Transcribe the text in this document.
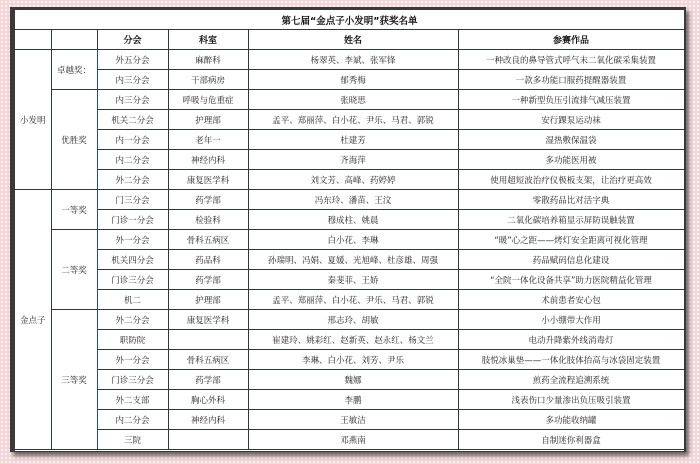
第七届“金点子小发明”获奖名单					
		分会	科室	姓名	参赛作品
小发明	卓越奖：	外五分会	麻醉科	杨翠英、李斌、张军锋	一种改良的鼻导管式呼气末二氧化碳采集装置
		内三分会	干部病房	郁秀梅	一款多功能口服药提醒器装置
	优胜奖	内三分会	呼吸与危重症	张晓思	一种新型负压引流排气减压装置
		机关二分会	护理部	孟平、郑丽萍、白小花、尹乐、马君、郭锐	安行踝泵运动袜
		内一分会	老年一	杜建芳	湿热敷保温袋
		内二分会	神经内科	齐海萍	多功能医用被
		外二分会	康复医学科	刘文芳、高峰、药婷婷	使用超短波治疗仪极板支架，让治疗更高效
金点子	一等奖	门三分会	药学部	冯东玲、潘苗、王汶	零散药品比对活字典
		门诊一分会	检验科	穆成柱、姚晨	二氧化碳培养箱显示屏防误触装置
	二等奖	外一分会	骨科五病区	白小花、李琳	“暖”心之距——烤灯安全距离可视化管理
		机关四分会	药品科	孙瑞明、冯娟、夏媛、光旭峰、杜彦雄、周强	药品赋码信息化建设
		门诊三分会	药学部	秦斐菲、王娇	“全院一体化设备共享”助力医院精益化管理
		机二	护理部	孟平、郑丽萍、白小花、尹乐、马君、郭锐	术前患者安心包
	三等奖	外二分会	康复医学科	邢志玲、胡敏	小小绷带大作用
		职防院		崔建玲、姚彩红、赵新英、赵永红、杨文兰	电动升降紫外线消毒灯
		外一分会	骨科五病区	李琳、白小花、刘芳、尹乐	肢悦冰巢垫——一体化肢体抬高与冰袋固定装置
		门诊三分会	药学部	魏娜	煎药全流程追溯系统
		外二支部	胸心外科	李鹏	浅表伤口少量渗出负压吸引装置
		内二分会	神经内科	王敏洁	多功能收纳罐
		三院		邓燕南	自制迷你利器盒
